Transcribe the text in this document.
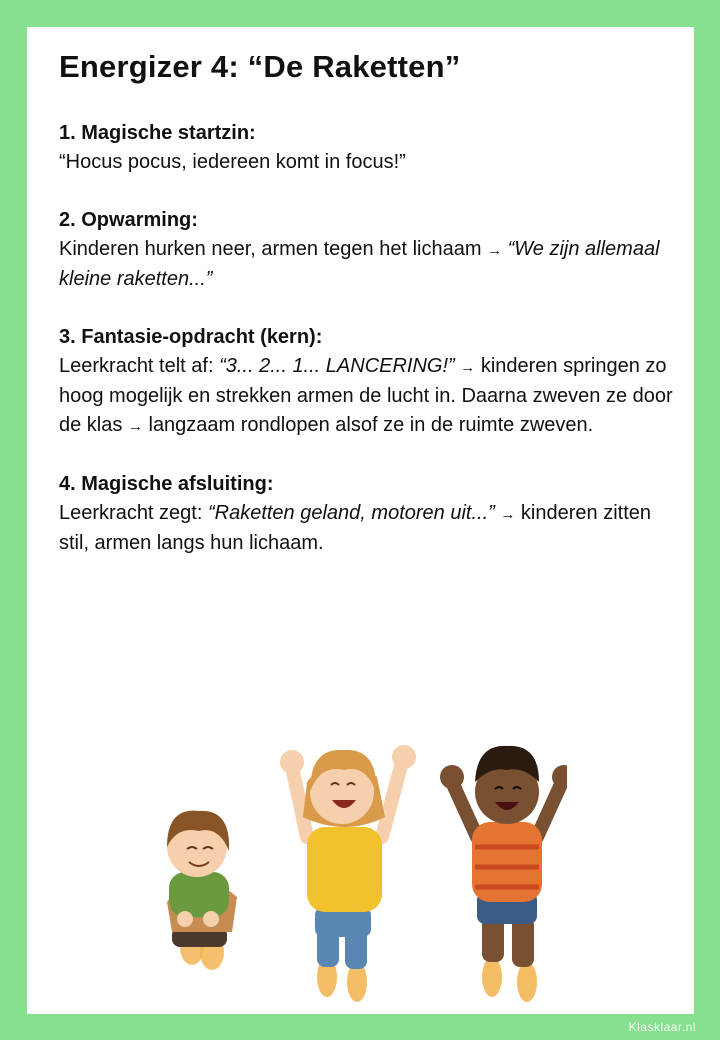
Energizer 4: “De Raketten”

1. Magische startzin:
“Hocus pocus, iedereen komt in focus!”

2. Opwarming:
Kinderen hurken neer, armen tegen het lichaam → “We zijn allemaal kleine raketten...”

3. Fantasie-opdracht (kern):
Leerkracht telt af: “3... 2... 1... LANCERING!” → kinderen springen zo hoog mogelijk en strekken armen de lucht in. Daarna zweven ze door de klas → langzaam rondlopen alsof ze in de ruimte zweven.

4. Magische afsluiting:
Leerkracht zegt: “Raketten geland, motoren uit...” → kinderen zitten stil, armen langs hun lichaam.

Klasklaar.nl
